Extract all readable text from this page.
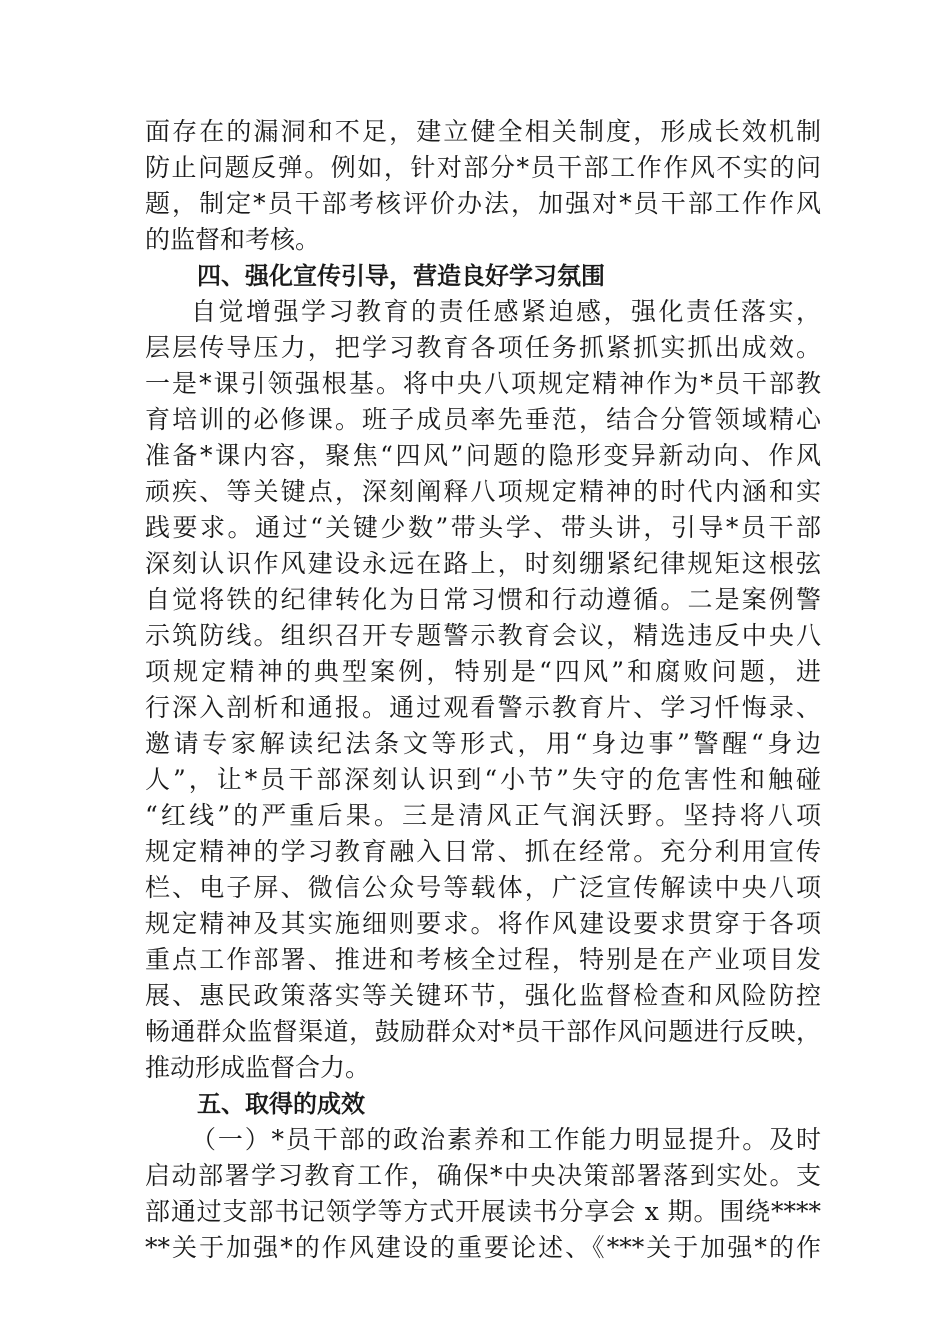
面存在的漏洞和不足，建立健全相关制度，形成长效机制
防止问题反弹。例如，针对部分*员干部工作作风不实的问
题，制定*员干部考核评价办法，加强对*员干部工作作风
的监督和考核。
四、强化宣传引导，营造良好学习氛围
自觉增强学习教育的责任感紧迫感，强化责任落实，
层层传导压力，把学习教育各项任务抓紧抓实抓出成效。
一是*课引领强根基。将中央八项规定精神作为*员干部教
育培训的必修课。班子成员率先垂范，结合分管领域精心
准备*课内容，聚焦“四风”问题的隐形变异新动向、作风
顽疾、等关键点，深刻阐释八项规定精神的时代内涵和实
践要求。通过“关键少数”带头学、带头讲，引导*员干部
深刻认识作风建设永远在路上，时刻绷紧纪律规矩这根弦
自觉将铁的纪律转化为日常习惯和行动遵循。二是案例警
示筑防线。组织召开专题警示教育会议，精选违反中央八
项规定精神的典型案例，特别是“四风”和腐败问题，进
行深入剖析和通报。通过观看警示教育片、学习忏悔录、
邀请专家解读纪法条文等形式，用“身边事”警醒“身边
人”，让*员干部深刻认识到“小节”失守的危害性和触碰
“红线”的严重后果。三是清风正气润沃野。坚持将八项
规定精神的学习教育融入日常、抓在经常。充分利用宣传
栏、电子屏、微信公众号等载体，广泛宣传解读中央八项
规定精神及其实施细则要求。将作风建设要求贯穿于各项
重点工作部署、推进和考核全过程，特别是在产业项目发
展、惠民政策落实等关键环节，强化监督检查和风险防控
畅通群众监督渠道，鼓励群众对*员干部作风问题进行反映，
推动形成监督合力。
五、取得的成效
（一）*员干部的政治素养和工作能力明显提升。及时
启动部署学习教育工作，确保*中央决策部署落到实处。支
部通过支部书记领学等方式开展读书分享会 x 期。围绕****
**关于加强*的作风建设的重要论述、《***关于加强*的作
